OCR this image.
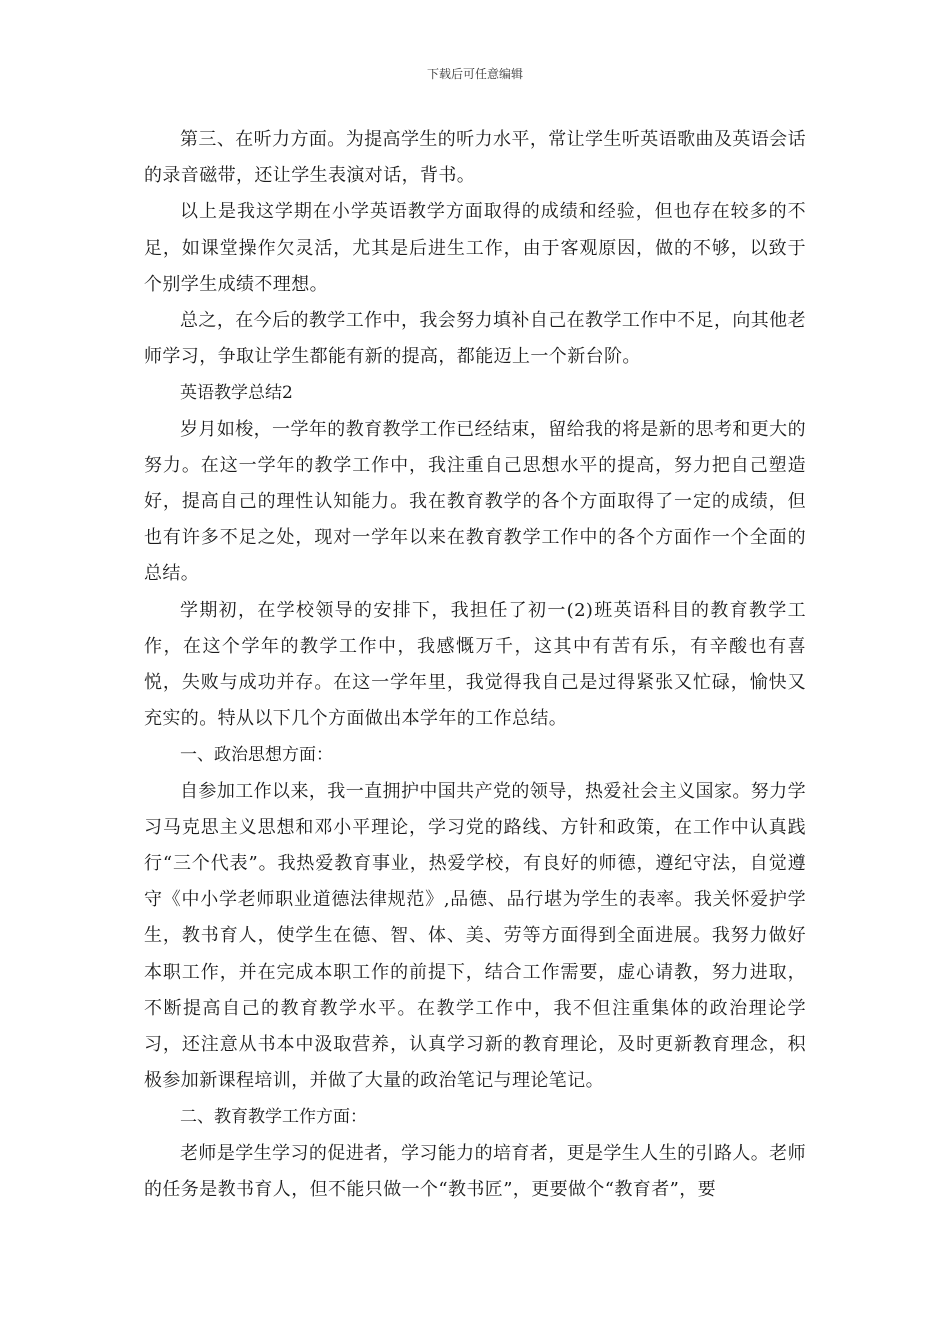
下载后可任意编辑

第三、在听力方面。为提高学生的听力水平，常让学生听英语歌曲及英语会话的录音磁带，还让学生表演对话，背书。

以上是我这学期在小学英语教学方面取得的成绩和经验，但也存在较多的不足，如课堂操作欠灵活，尤其是后进生工作，由于客观原因，做的不够，以致于个别学生成绩不理想。

总之，在今后的教学工作中，我会努力填补自己在教学工作中不足，向其他老师学习，争取让学生都能有新的提高，都能迈上一个新台阶。

英语教学总结2

岁月如梭，一学年的教育教学工作已经结束，留给我的将是新的思考和更大的努力。在这一学年的教学工作中，我注重自己思想水平的提高，努力把自己塑造好，提高自己的理性认知能力。我在教育教学的各个方面取得了一定的成绩，但也有许多不足之处，现对一学年以来在教育教学工作中的各个方面作一个全面的总结。

学期初，在学校领导的安排下，我担任了初一(2)班英语科目的教育教学工作，在这个学年的教学工作中，我感慨万千，这其中有苦有乐，有辛酸也有喜悦，失败与成功并存。在这一学年里，我觉得我自己是过得紧张又忙碌，愉快又充实的。特从以下几个方面做出本学年的工作总结。

一、政治思想方面：

自参加工作以来，我一直拥护中国共产党的领导，热爱社会主义国家。努力学习马克思主义思想和邓小平理论，学习党的路线、方针和政策，在工作中认真践行“三个代表”。我热爱教育事业，热爱学校，有良好的师德，遵纪守法，自觉遵守《中小学老师职业道德法律规范》,品德、品行堪为学生的表率。我关怀爱护学生，教书育人，使学生在德、智、体、美、劳等方面得到全面进展。我努力做好本职工作，并在完成本职工作的前提下，结合工作需要，虚心请教，努力进取，不断提高自己的教育教学水平。在教学工作中，我不但注重集体的政治理论学习，还注意从书本中汲取营养，认真学习新的教育理论，及时更新教育理念，积极参加新课程培训，并做了大量的政治笔记与理论笔记。

二、教育教学工作方面：

老师是学生学习的促进者，学习能力的培育者，更是学生人生的引路人。老师的任务是教书育人，但不能只做一个“教书匠”，更要做个“教育者”，要
